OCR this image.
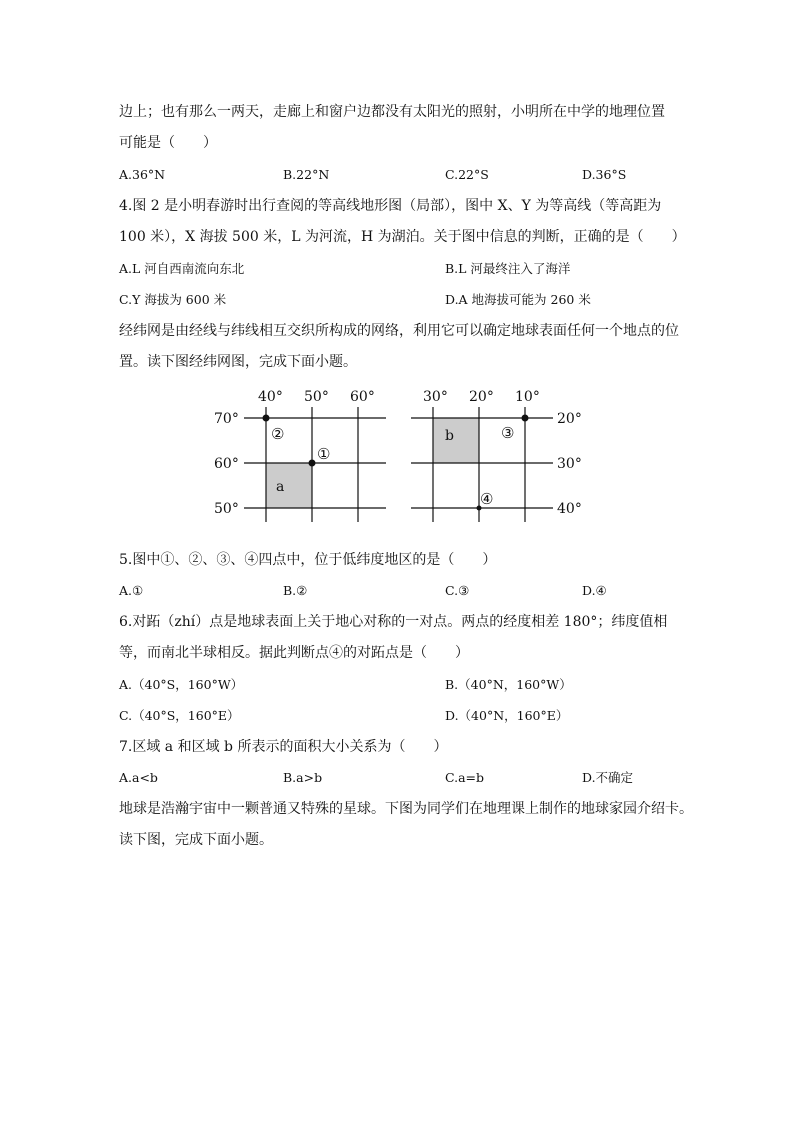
边上；也有那么一两天，走廊上和窗户边都没有太阳光的照射，小明所在中学的地理位置
可能是（　　）
A.36°N	B.22°N	C.22°S	D.36°S
4.图 2 是小明春游时出行查阅的等高线地形图（局部），图中 X、Y 为等高线（等高距为
100 米），X 海拔 500 米，L 为河流，H 为湖泊。关于图中信息的判断，正确的是（　　）
A.L 河自西南流向东北	B.L 河最终注入了海洋
C.Y 海拔为 600 米	D.A 地海拔可能为 260 米
经纬网是由经线与纬线相互交织所构成的网络，利用它可以确定地球表面任何一个地点的位
置。读下图经纬网图，完成下面小题。
40° 50° 60°
70°
60°
50°
②
①
a
30° 20° 10°
20°
30°
40°
③
④
b
5.图中①、②、③、④四点中，位于低纬度地区的是（　　）
A.①	B.②	C.③	D.④
6.对跖（zhí）点是地球表面上关于地心对称的一对点。两点的经度相差 180°；纬度值相
等，而南北半球相反。据此判断点④的对跖点是（　　）
A.（40°S，160°W）	B.（40°N，160°W）
C.（40°S，160°E）	D.（40°N，160°E）
7.区域 a 和区域 b 所表示的面积大小关系为（　　）
A.a<b	B.a>b	C.a=b	D.不确定
地球是浩瀚宇宙中一颗普通又特殊的星球。下图为同学们在地理课上制作的地球家园介绍卡。
读下图，完成下面小题。
